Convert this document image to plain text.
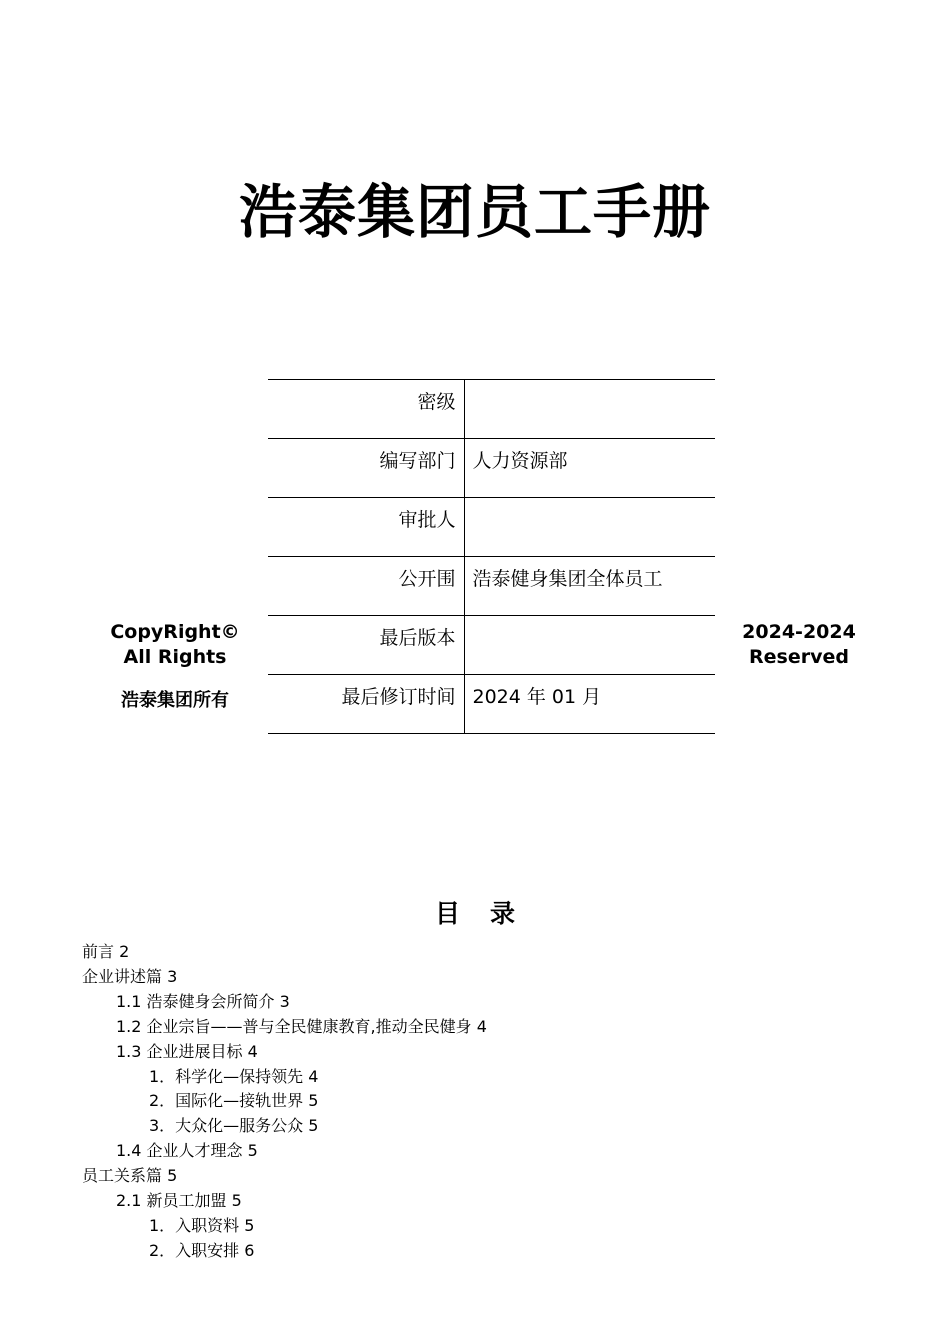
浩泰集团员工手册
密级	
编写部门	人力资源部
审批人	
公开围	浩泰健身集团全体员工
最后版本	
最后修订时间	2024 年 01 月
CopyRight©
All Rights
浩泰集团所有
2024-2024
Reserved
目录
前言 2
企业讲述篇 3
1.1 浩泰健身会所简介 3
1.2 企业宗旨——普与全民健康教育,推动全民健身 4
1.3 企业进展目标 4
1．科学化—保持领先 4
2．国际化—接轨世界 5
3．大众化—服务公众 5
1.4 企业人才理念 5
员工关系篇 5
2.1 新员工加盟 5
1．入职资料 5
2．入职安排 6
